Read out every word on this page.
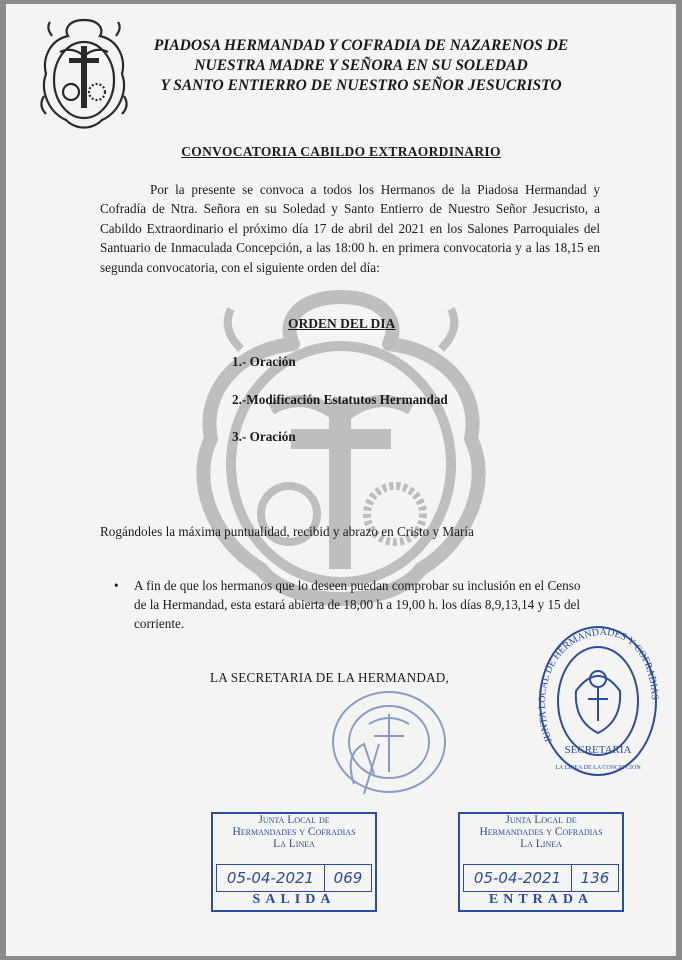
PIADOSA HERMANDAD Y COFRADIA DE NAZARENOS DE
NUESTRA MADRE Y SEÑORA EN SU SOLEDAD
Y SANTO ENTIERRO DE NUESTRO SEÑOR JESUCRISTO
CONVOCATORIA CABILDO EXTRAORDINARIO
Por la presente se convoca a todos los Hermanos de la Piadosa Hermandad y Cofradía de Ntra. Señora en su Soledad y Santo Entierro de Nuestro Señor Jesucristo, a Cabildo Extraordinario el próximo día 17 de abril del 2021 en los Salones Parroquiales del Santuario de Inmaculada Concepción, a las 18:00 h. en primera convocatoria y a las 18,15 en segunda convocatoria, con el siguiente orden del día:
ORDEN DEL DIA
1.- Oración
2.-Modificación Estatutos Hermandad
3.- Oración
Rogándoles la máxima puntualidad, recibid y abrazo en Cristo y María
• A fin de que los hermanos que lo deseen puedan comprobar su inclusión en el Censo de la Hermandad, esta estará abierta de 18,00 h a 19,00 h. los días 8,9,13,14 y 15 del corriente.
LA SECRETARIA DE LA HERMANDAD,
JUNTA LOCAL DE HERMANDADES Y COFRADIAS
SECRETARIA
LA LINEA DE LA CONCEPCION
Junta Local de
Hermandades y Cofradias
La Linea
05-04-2021	069
SALIDA
Junta Local de
Hermandades y Cofradias
La Linea
05-04-2021	136
ENTRADA
